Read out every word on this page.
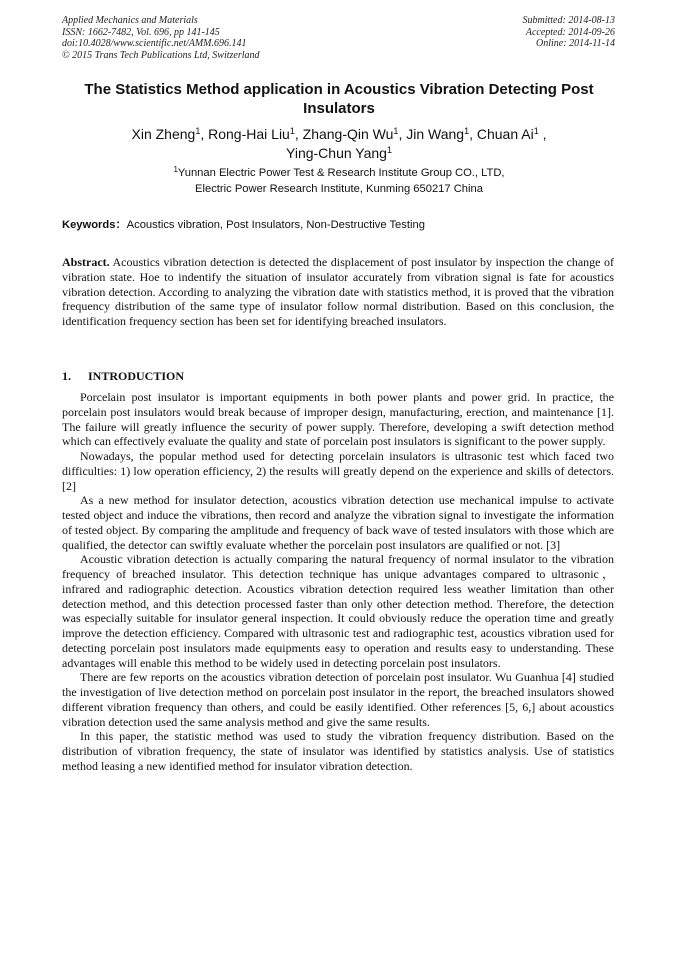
Applied Mechanics and Materials
ISSN: 1662-7482, Vol. 696, pp 141-145
doi:10.4028/www.scientific.net/AMM.696.141
© 2015 Trans Tech Publications Ltd, Switzerland
Submitted: 2014-08-13
Accepted: 2014-09-26
Online: 2014-11-14
The Statistics Method application in Acoustics Vibration Detecting Post Insulators
Xin Zheng$^1$, Rong-Hai Liu$^1$, Zhang-Qin Wu$^1$, Jin Wang$^1$, Chuan Ai$^1$ ,
Ying-Chun Yang$^1$
$^1$Yunnan Electric Power Test & Research Institute Group CO., LTD,
Electric Power Research Institute, Kunming 650217 China
Keywords：Acoustics vibration, Post Insulators, Non-Destructive Testing

Abstract. Acoustics vibration detection is detected the displacement of post insulator by inspection the change of vibration state. Hoe to indentify the situation of insulator accurately from vibration signal is fate for acoustics vibration detection. According to analyzing the vibration date with statistics method, it is proved that the vibration frequency distribution of the same type of insulator follow normal distribution. Based on this conclusion, the identification frequency section has been set for identifying breached insulators.

1. INTRODUCTION

Porcelain post insulator is important equipments in both power plants and power grid. In practice, the porcelain post insulators would break because of improper design, manufacturing, erection, and maintenance [1]. The failure will greatly influence the security of power supply. Therefore, developing a swift detection method which can effectively evaluate the quality and state of porcelain post insulators is significant to the power supply.

Nowadays, the popular method used for detecting porcelain insulators is ultrasonic test which faced two difficulties: 1) low operation efficiency, 2) the results will greatly depend on the experience and skills of detectors. [2]

As a new method for insulator detection, acoustics vibration detection use mechanical impulse to activate tested object and induce the vibrations, then record and analyze the vibration signal to investigate the information of tested object. By comparing the amplitude and frequency of back wave of tested insulators with those which are qualified, the detector can swiftly evaluate whether the porcelain post insulators are qualified or not. [3]

Acoustic vibration detection is actually comparing the natural frequency of normal insulator to the vibration frequency of breached insulator. This detection technique has unique advantages compared to ultrasonic， infrared and radiographic detection. Acoustics vibration detection required less weather limitation than other detection method, and this detection processed faster than only other detection method. Therefore, the detection was especially suitable for insulator general inspection. It could obviously reduce the operation time and greatly improve the detection efficiency. Compared with ultrasonic test and radiographic test, acoustics vibration used for detecting porcelain post insulators made equipments easy to operation and results easy to understanding. These advantages will enable this method to be widely used in detecting porcelain post insulators.

There are few reports on the acoustics vibration detection of porcelain post insulator. Wu Guanhua [4] studied the investigation of live detection method on porcelain post insulator in the report, the breached insulators showed different vibration frequency than others, and could be easily identified. Other references [5, 6,] about acoustics vibration detection used the same analysis method and give the same results.

In this paper, the statistic method was used to study the vibration frequency distribution. Based on the distribution of vibration frequency, the state of insulator was identified by statistics analysis. Use of statistics method leasing a new identified method for insulator vibration detection.
